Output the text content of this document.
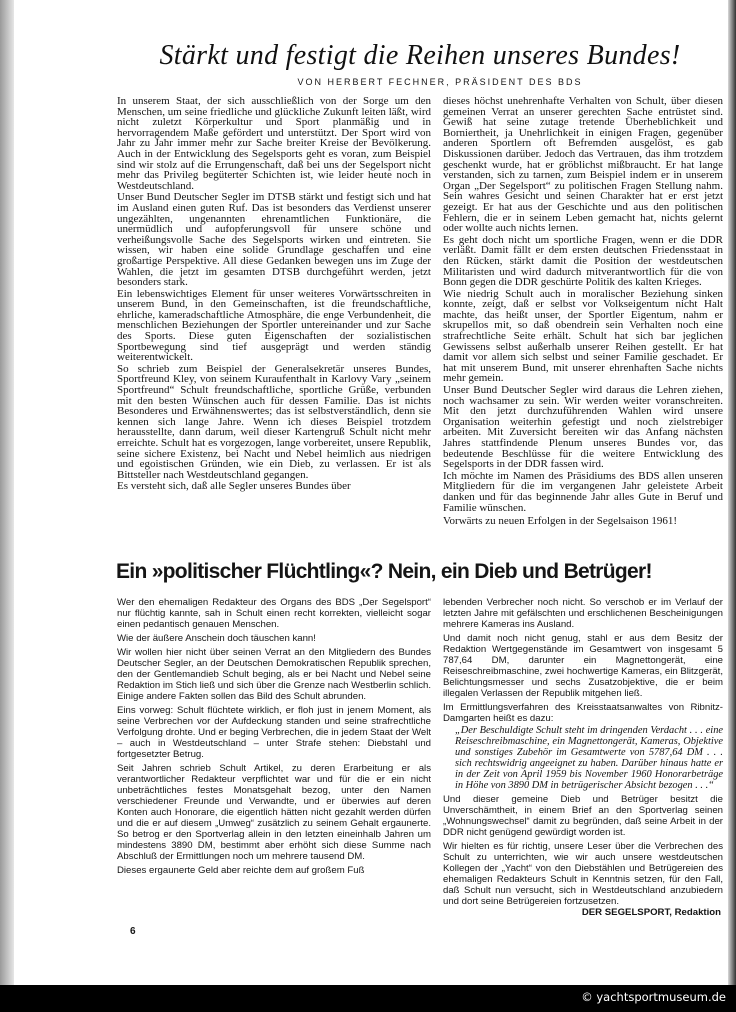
Stärkt und festigt die Reihen unseres Bundes!
VON HERBERT FECHNER, PRÄSIDENT DES BDS

In unserem Staat, der sich ausschließlich von der Sorge um den Menschen, um seine friedliche und glückliche Zukunft leiten läßt, wird nicht zuletzt Körperkultur und Sport planmäßig und in hervorragendem Maße gefördert und unterstützt. Der Sport wird von Jahr zu Jahr immer mehr zur Sache breiter Kreise der Bevölkerung. Auch in der Entwicklung des Segelsports geht es voran, zum Beispiel sind wir stolz auf die Errungenschaft, daß bei uns der Segelsport nicht mehr das Privileg begüterter Schichten ist, wie leider heute noch in Westdeutschland.

Unser Bund Deutscher Segler im DTSB stärkt und festigt sich und hat im Ausland einen guten Ruf. Das ist besonders das Verdienst unserer ungezählten, ungenannten ehrenamtlichen Funktionäre, die unermüdlich und aufopferungsvoll für unsere schöne und verheißungsvolle Sache des Segelsports wirken und eintreten. Sie wissen, wir haben eine solide Grundlage geschaffen und eine großartige Perspektive. All diese Gedanken bewegen uns im Zuge der Wahlen, die jetzt im gesamten DTSB durchgeführt werden, jetzt besonders stark.

Ein lebenswichtiges Element für unser weiteres Vorwärtsschreiten in unserem Bund, in den Gemeinschaften, ist die freundschaftliche, ehrliche, kameradschaftliche Atmosphäre, die enge Verbundenheit, die menschlichen Beziehungen der Sportler untereinander und zur Sache des Sports. Diese guten Eigenschaften der sozialistischen Sportbewegung sind tief ausgeprägt und werden ständig weiterentwickelt.

So schrieb zum Beispiel der Generalsekretär unseres Bundes, Sportfreund Kley, von seinem Kuraufenthalt in Karlovy Vary „seinem Sportfreund“ Schult freundschaftliche, sportliche Grüße, verbunden mit den besten Wünschen auch für dessen Familie. Das ist nichts Besonderes und Erwähnenswertes; das ist selbstverständlich, denn sie kennen sich lange Jahre. Wenn ich dieses Beispiel trotzdem herausstellte, dann darum, weil dieser Kartengruß Schult nicht mehr erreichte. Schult hat es vorgezogen, lange vorbereitet, unsere Republik, seine sichere Existenz, bei Nacht und Nebel heimlich aus niedrigen und egoistischen Gründen, wie ein Dieb, zu verlassen. Er ist als Bittsteller nach Westdeutschland gegangen.

Es versteht sich, daß alle Segler unseres Bundes über

dieses höchst unehrenhafte Verhalten von Schult, über diesen gemeinen Verrat an unserer gerechten Sache entrüstet sind. Gewiß hat seine zutage tretende Überheblichkeit und Borniertheit, ja Unehrlichkeit in einigen Fragen, gegenüber anderen Sportlern oft Befremden ausgelöst, es gab Diskussionen darüber. Jedoch das Vertrauen, das ihm trotzdem geschenkt wurde, hat er gröblichst mißbraucht. Er hat lange verstanden, sich zu tarnen, zum Beispiel indem er in unserem Organ „Der Segelsport“ zu politischen Fragen Stellung nahm. Sein wahres Gesicht und seinen Charakter hat er erst jetzt gezeigt. Er hat aus der Geschichte und aus den politischen Fehlern, die er in seinem Leben gemacht hat, nichts gelernt oder wollte auch nichts lernen.

Es geht doch nicht um sportliche Fragen, wenn er die DDR verläßt. Damit fällt er dem ersten deutschen Friedensstaat in den Rücken, stärkt damit die Position der westdeutschen Militaristen und wird dadurch mitverantwortlich für die von Bonn gegen die DDR geschürte Politik des kalten Krieges.

Wie niedrig Schult auch in moralischer Beziehung sinken konnte, zeigt, daß er selbst vor Volkseigentum nicht Halt machte, das heißt unser, der Sportler Eigentum, nahm er skrupellos mit, so daß obendrein sein Verhalten noch eine strafrechtliche Seite erhält. Schult hat sich bar jeglichen Gewissens selbst außerhalb unserer Reihen gestellt. Er hat damit vor allem sich selbst und seiner Familie geschadet. Er hat mit unserem Bund, mit unserer ehrenhaften Sache nichts mehr gemein.

Unser Bund Deutscher Segler wird daraus die Lehren ziehen, noch wachsamer zu sein. Wir werden weiter voranschreiten. Mit den jetzt durchzuführenden Wahlen wird unsere Organisation weiterhin gefestigt und noch zielstrebiger arbeiten. Mit Zuversicht bereiten wir das Anfang nächsten Jahres stattfindende Plenum unseres Bundes vor, das bedeutende Beschlüsse für die weitere Entwicklung des Segelsports in der DDR fassen wird.

Ich möchte im Namen des Präsidiums des BDS allen unseren Mitgliedern für die im vergangenen Jahr geleistete Arbeit danken und für das beginnende Jahr alles Gute in Beruf und Familie wünschen.

Vorwärts zu neuen Erfolgen in der Segelsaison 1961!

Ein »politischer Flüchtling«? Nein, ein Dieb und Betrüger!

Wer den ehemaligen Redakteur des Organs des BDS „Der Segelsport“ nur flüchtig kannte, sah in Schult einen recht korrekten, vielleicht sogar einen pedantisch genauen Menschen.

Wie der äußere Anschein doch täuschen kann!

Wir wollen hier nicht über seinen Verrat an den Mitgliedern des Bundes Deutscher Segler, an der Deutschen Demokratischen Republik sprechen, den der Gentlemandieb Schult beging, als er bei Nacht und Nebel seine Redaktion im Stich ließ und sich über die Grenze nach Westberlin schlich. Einige andere Fakten sollen das Bild des Schult abrunden.

Eins vorweg: Schult flüchtete wirklich, er floh just in jenem Moment, als seine Verbrechen vor der Aufdeckung standen und seine strafrechtliche Verfolgung drohte. Und er beging Verbrechen, die in jedem Staat der Welt – auch in Westdeutschland – unter Strafe stehen: Diebstahl und fortgesetzter Betrug.

Seit Jahren schrieb Schult Artikel, zu deren Erarbeitung er als verantwortlicher Redakteur verpflichtet war und für die er ein nicht unbeträchtliches festes Monatsgehalt bezog, unter den Namen verschiedener Freunde und Verwandte, und er überwies auf deren Konten auch Honorare, die eigentlich hätten nicht gezahlt werden dürfen und die er auf diesem „Umweg“ zusätzlich zu seinem Gehalt ergaunerte. So betrog er den Sportverlag allein in den letzten eineinhalb Jahren um mindestens 3890 DM, bestimmt aber erhöht sich diese Summe nach Abschluß der Ermittlungen noch um mehrere tausend DM.

Dieses ergaunerte Geld aber reichte dem auf großem Fuß

lebenden Verbrecher noch nicht. So verschob er im Verlauf der letzten Jahre mit gefälschten und erschlichenen Bescheinigungen mehrere Kameras ins Ausland.

Und damit noch nicht genug, stahl er aus dem Besitz der Redaktion Wertgegenstände im Gesamtwert von insgesamt 5 787,64 DM, darunter ein Magnettongerät, eine Reiseschreibmaschine, zwei hochwertige Kameras, ein Blitzgerät, Belichtungsmesser und sechs Zusatzobjektive, die er beim illegalen Verlassen der Republik mitgehen ließ.

Im Ermittlungsverfahren des Kreisstaatsanwaltes von Ribnitz-Damgarten heißt es dazu:

„Der Beschuldigte Schult steht im dringenden Verdacht . . . eine Reiseschreibmaschine, ein Magnettongerät, Kameras, Objektive und sonstiges Zubehör im Gesamtwerte von 5787,64 DM . . . sich rechtswidrig angeeignet zu haben. Darüber hinaus hatte er in der Zeit von April 1959 bis November 1960 Honorarbeträge in Höhe von 3890 DM in betrügerischer Absicht bezogen . . .“

Und dieser gemeine Dieb und Betrüger besitzt die Unverschämtheit, in einem Brief an den Sportverlag seinen „Wohnungswechsel“ damit zu begründen, daß seine Arbeit in der DDR nicht genügend gewürdigt worden ist.

Wir hielten es für richtig, unsere Leser über die Verbrechen des Schult zu unterrichten, wie wir auch unsere westdeutschen Kollegen der „Yacht“ von den Diebstählen und Betrügereien des ehemaligen Redakteurs Schult in Kenntnis setzen, für den Fall, daß Schult nun versucht, sich in Westdeutschland anzubiedern und dort seine Betrügereien fortzusetzen.

DER SEGELSPORT, Redaktion

6
© yachtsportmuseum.de
